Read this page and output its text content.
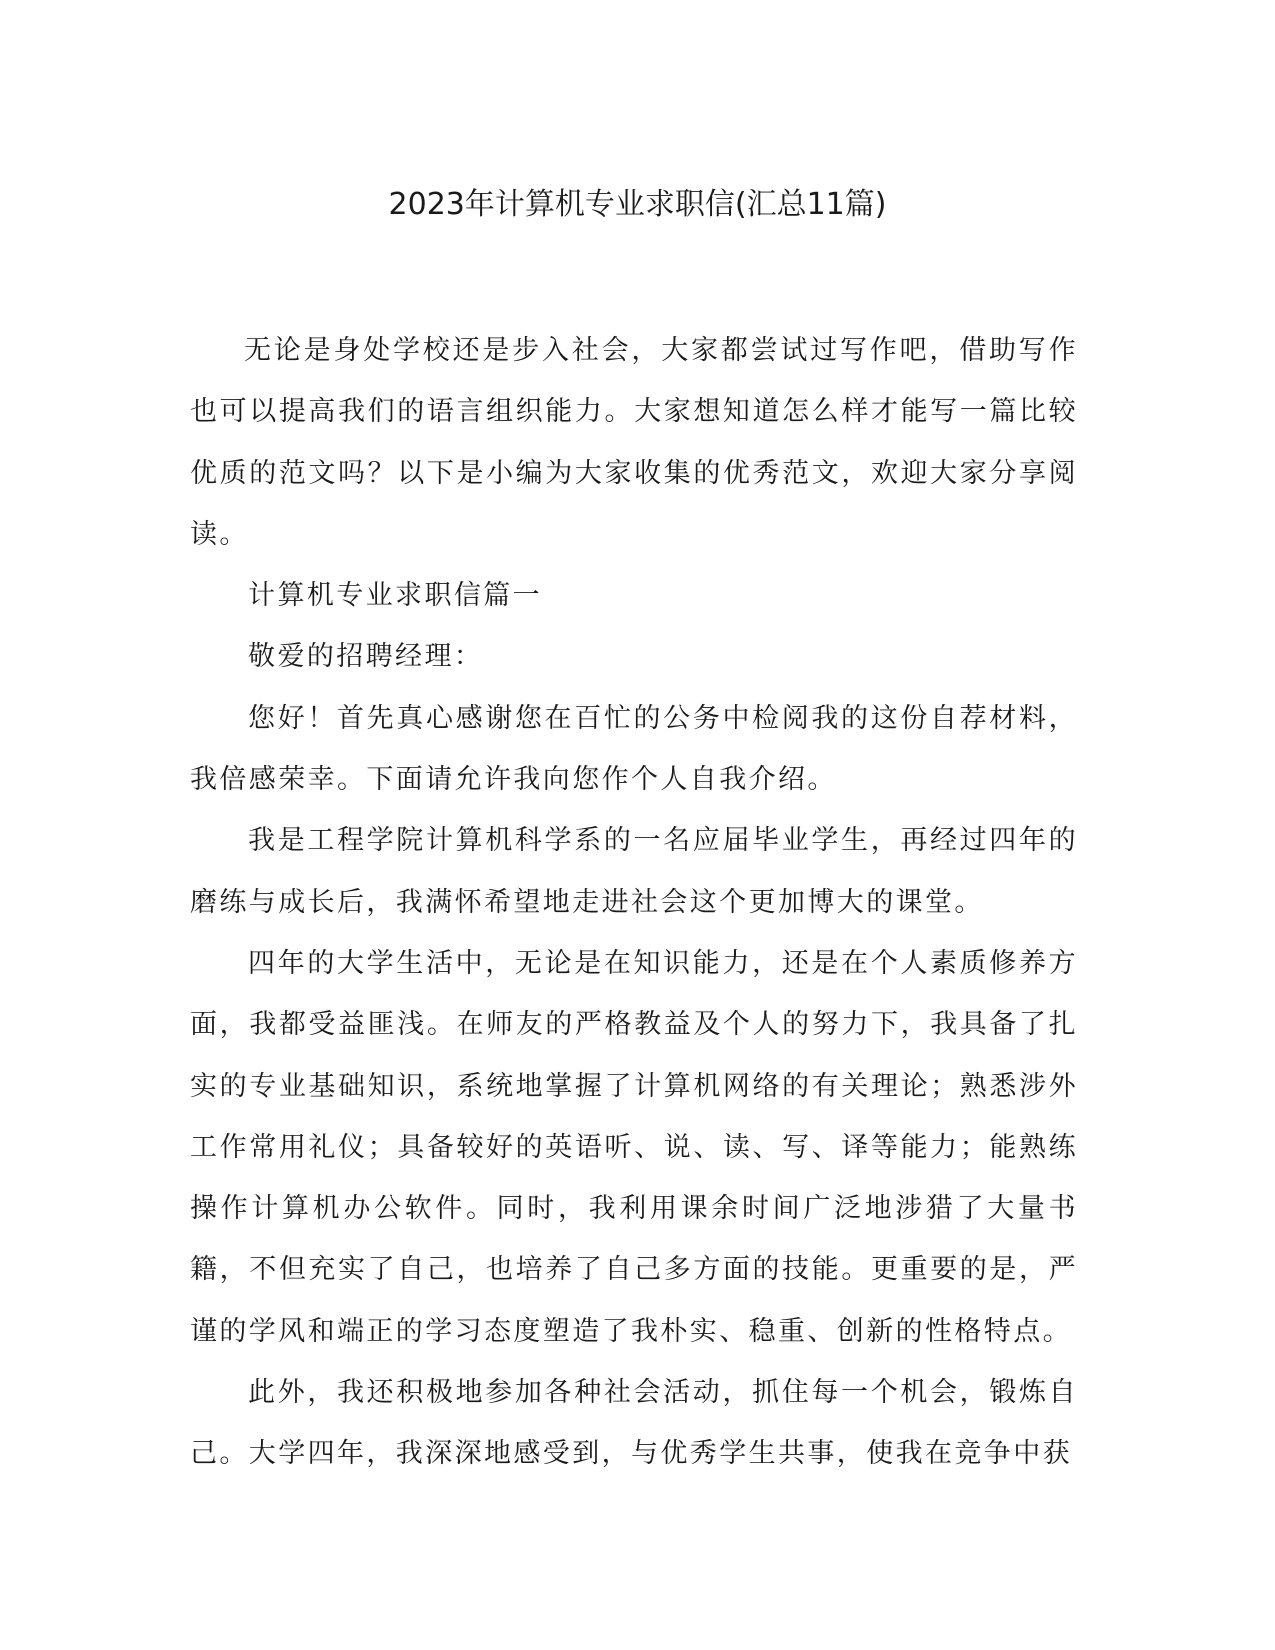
2023年计算机专业求职信(汇总11篇)

无论是身处学校还是步入社会，大家都尝试过写作吧，借助写作也可以提高我们的语言组织能力。大家想知道怎么样才能写一篇比较优质的范文吗？以下是小编为大家收集的优秀范文，欢迎大家分享阅读。

计算机专业求职信篇一

敬爱的招聘经理：

您好！首先真心感谢您在百忙的公务中检阅我的这份自荐材料，我倍感荣幸。下面请允许我向您作个人自我介绍。

我是工程学院计算机科学系的一名应届毕业学生，再经过四年的磨练与成长后，我满怀希望地走进社会这个更加博大的课堂。

四年的大学生活中，无论是在知识能力，还是在个人素质修养方面，我都受益匪浅。在师友的严格教益及个人的努力下，我具备了扎实的专业基础知识，系统地掌握了计算机网络的有关理论；熟悉涉外工作常用礼仪；具备较好的英语听、说、读、写、译等能力；能熟练操作计算机办公软件。同时，我利用课余时间广泛地涉猎了大量书籍，不但充实了自己，也培养了自己多方面的技能。更重要的是，严谨的学风和端正的学习态度塑造了我朴实、稳重、创新的性格特点。

此外，我还积极地参加各种社会活动，抓住每一个机会，锻炼自己。大学四年，我深深地感受到，与优秀学生共事，使我在竞争中获
